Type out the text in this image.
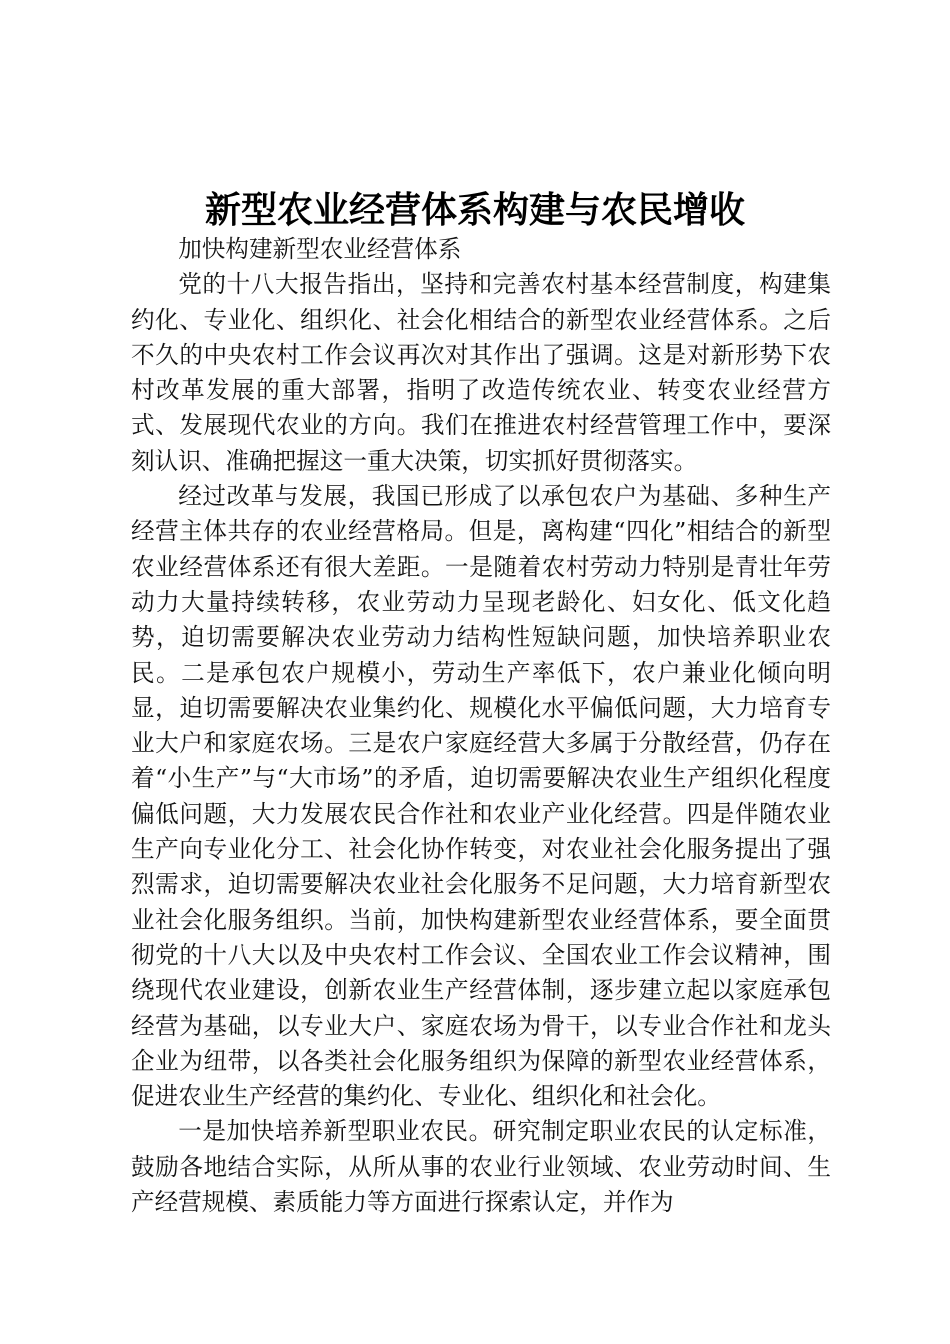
新型农业经营体系构建与农民增收

加快构建新型农业经营体系

党的十八大报告指出，坚持和完善农村基本经营制度，构建集约化、专业化、组织化、社会化相结合的新型农业经营体系。之后不久的中央农村工作会议再次对其作出了强调。这是对新形势下农村改革发展的重大部署，指明了改造传统农业、转变农业经营方式、发展现代农业的方向。我们在推进农村经营管理工作中，要深刻认识、准确把握这一重大决策，切实抓好贯彻落实。

经过改革与发展，我国已形成了以承包农户为基础、多种生产经营主体共存的农业经营格局。但是，离构建“四化”相结合的新型农业经营体系还有很大差距。一是随着农村劳动力特别是青壮年劳动力大量持续转移，农业劳动力呈现老龄化、妇女化、低文化趋势，迫切需要解决农业劳动力结构性短缺问题，加快培养职业农民。二是承包农户规模小，劳动生产率低下，农户兼业化倾向明显，迫切需要解决农业集约化、规模化水平偏低问题，大力培育专业大户和家庭农场。三是农户家庭经营大多属于分散经营，仍存在着“小生产”与“大市场”的矛盾，迫切需要解决农业生产组织化程度偏低问题，大力发展农民合作社和农业产业化经营。四是伴随农业生产向专业化分工、社会化协作转变，对农业社会化服务提出了强烈需求，迫切需要解决农业社会化服务不足问题，大力培育新型农业社会化服务组织。当前，加快构建新型农业经营体系，要全面贯彻党的十八大以及中央农村工作会议、全国农业工作会议精神，围绕现代农业建设，创新农业生产经营体制，逐步建立起以家庭承包经营为基础，以专业大户、家庭农场为骨干，以专业合作社和龙头企业为纽带，以各类社会化服务组织为保障的新型农业经营体系，促进农业生产经营的集约化、专业化、组织化和社会化。

一是加快培养新型职业农民。研究制定职业农民的认定标准，鼓励各地结合实际，从所从事的农业行业领域、农业劳动时间、生产经营规模、素质能力等方面进行探索认定，并作为
